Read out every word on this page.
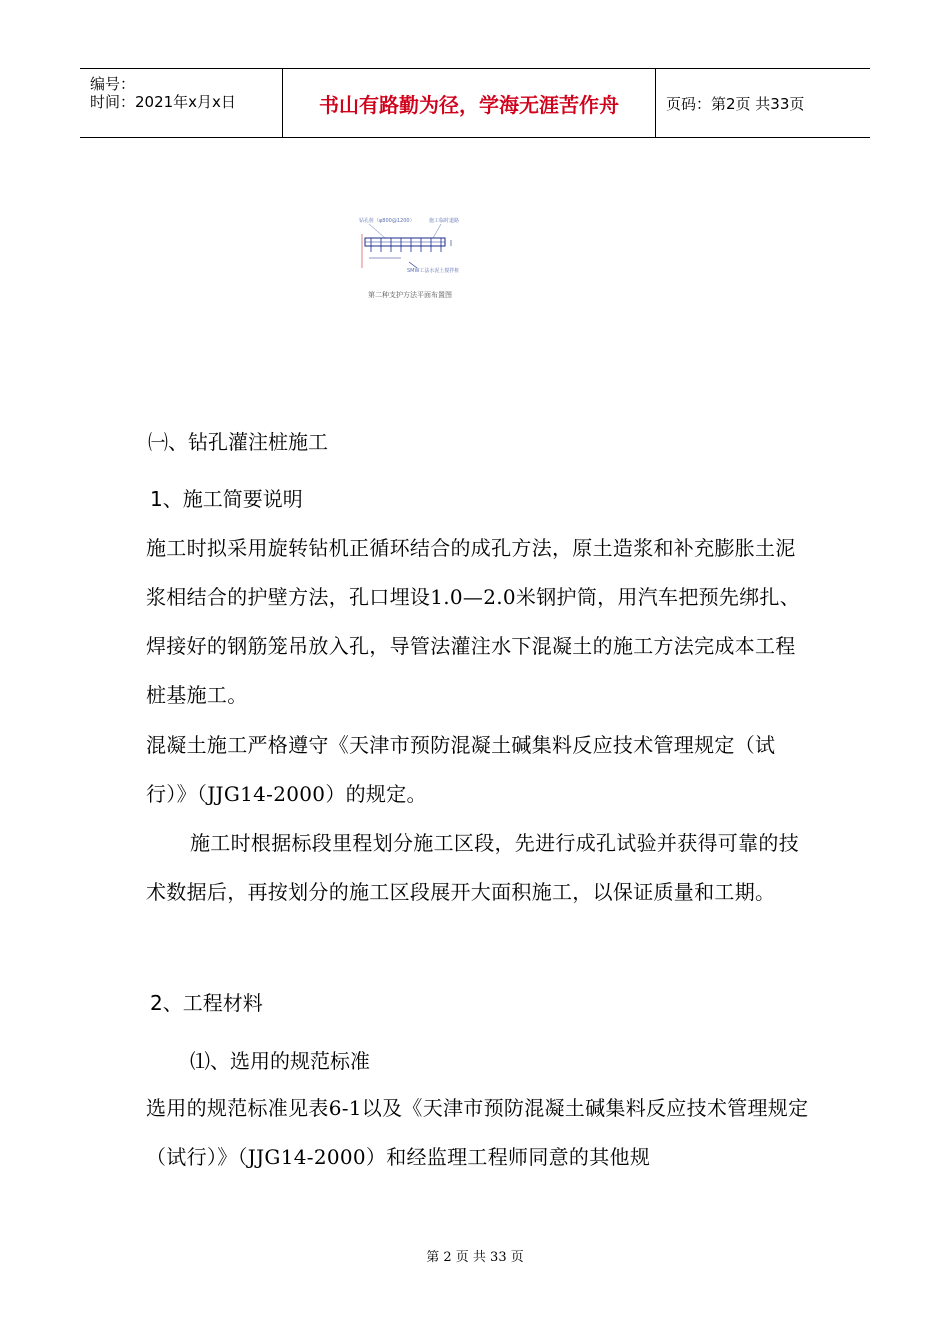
编号：
时间：2021年x月x日	书山有路勤为径，学海无涯苦作舟	页码：第2页 共33页
钻孔桩（φ800@1200）	施工临时道路
SMW工法水泥土搅拌桩
第二种支护方法平面布置图
㈠、钻孔灌注桩施工
1、施工简要说明
施工时拟采用旋转钻机正循环结合的成孔方法，原土造浆和补充膨胀土泥浆相结合的护壁方法，孔口埋设1.0—2.0米钢护筒，用汽车把预先绑扎、焊接好的钢筋笼吊放入孔，导管法灌注水下混凝土的施工方法完成本工程桩基施工。
混凝土施工严格遵守《天津市预防混凝土碱集料反应技术管理规定（试行）》（JJG14-2000）的规定。
施工时根据标段里程划分施工区段，先进行成孔试验并获得可靠的技术数据后，再按划分的施工区段展开大面积施工，以保证质量和工期。
2、工程材料
⑴、选用的规范标准
选用的规范标准见表6-1以及《天津市预防混凝土碱集料反应技术管理规定（试行）》（JJG14-2000）和经监理工程师同意的其他规
第 2 页 共 33 页
